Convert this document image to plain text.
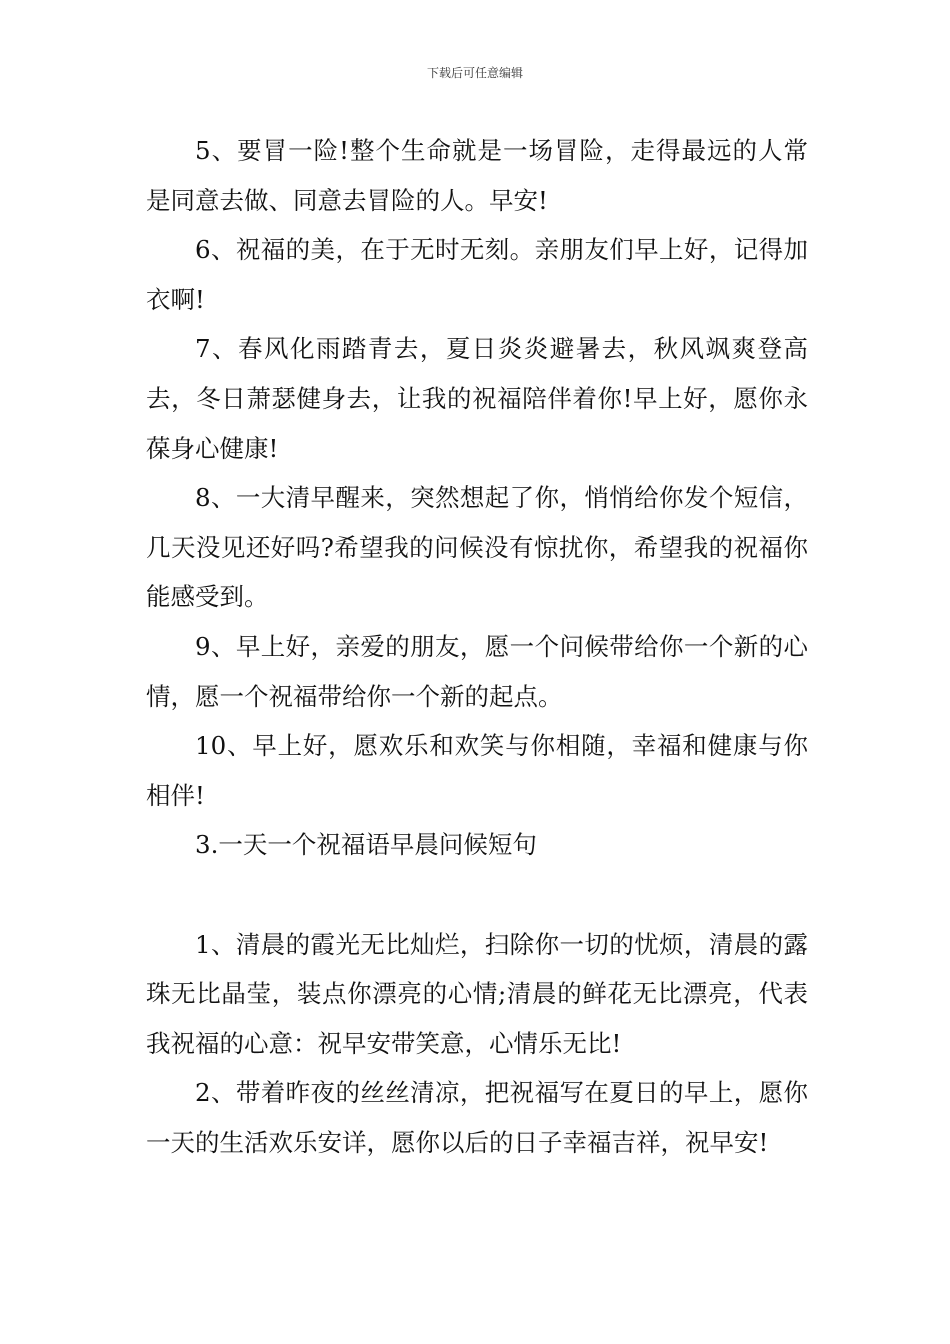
下载后可任意编辑

5、要冒一险!整个生命就是一场冒险，走得最远的人常是同意去做、同意去冒险的人。早安!

6、祝福的美，在于无时无刻。亲朋友们早上好，记得加衣啊!

7、春风化雨踏青去，夏日炎炎避暑去，秋风飒爽登高去，冬日萧瑟健身去，让我的祝福陪伴着你!早上好，愿你永葆身心健康!

8、一大清早醒来，突然想起了你，悄悄给你发个短信，几天没见还好吗?希望我的问候没有惊扰你，希望我的祝福你能感受到。

9、早上好，亲爱的朋友，愿一个问候带给你一个新的心情，愿一个祝福带给你一个新的起点。

10、早上好，愿欢乐和欢笑与你相随，幸福和健康与你相伴!

3.一天一个祝福语早晨问候短句

1、清晨的霞光无比灿烂，扫除你一切的忧烦，清晨的露珠无比晶莹，装点你漂亮的心情;清晨的鲜花无比漂亮，代表我祝福的心意：祝早安带笑意，心情乐无比!

2、带着昨夜的丝丝清凉，把祝福写在夏日的早上，愿你一天的生活欢乐安详，愿你以后的日子幸福吉祥，祝早安!
